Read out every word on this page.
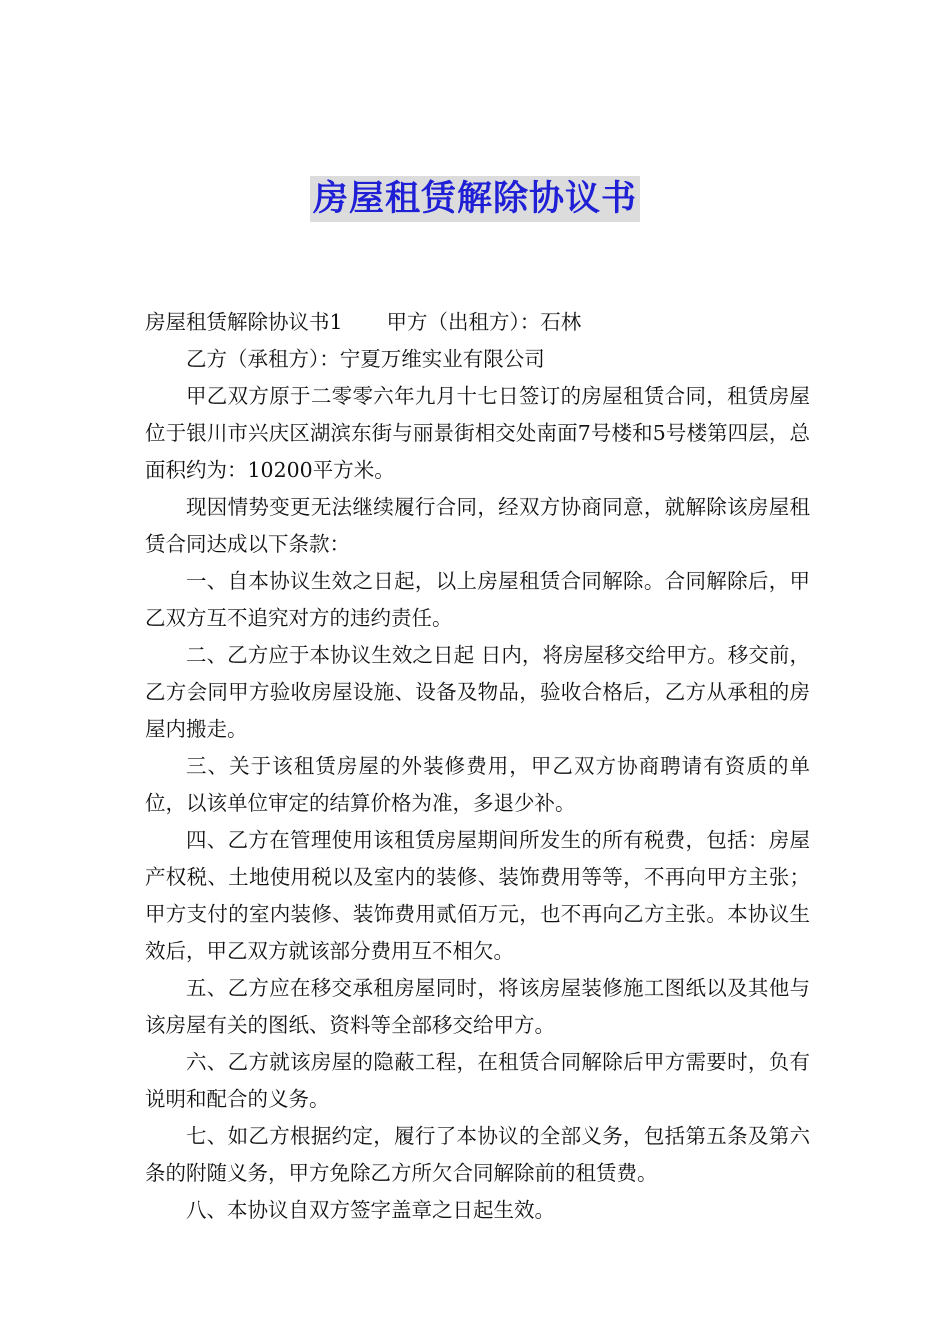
房屋租赁解除协议书

房屋租赁解除协议书1 甲方（出租方）：石林

乙方（承租方）：宁夏万维实业有限公司

甲乙双方原于二零零六年九月十七日签订的房屋租赁合同，租赁房屋位于银川市兴庆区湖滨东街与丽景街相交处南面7号楼和5号楼第四层，总面积约为：10200平方米。

现因情势变更无法继续履行合同，经双方协商同意，就解除该房屋租赁合同达成以下条款：

一、自本协议生效之日起，以上房屋租赁合同解除。合同解除后，甲乙双方互不追究对方的违约责任。

二、乙方应于本协议生效之日起 日内，将房屋移交给甲方。移交前，乙方会同甲方验收房屋设施、设备及物品，验收合格后，乙方从承租的房屋内搬走。

三、关于该租赁房屋的外装修费用，甲乙双方协商聘请有资质的单位，以该单位审定的结算价格为准，多退少补。

四、乙方在管理使用该租赁房屋期间所发生的所有税费，包括：房屋产权税、土地使用税以及室内的装修、装饰费用等等，不再向甲方主张；甲方支付的室内装修、装饰费用贰佰万元，也不再向乙方主张。本协议生效后，甲乙双方就该部分费用互不相欠。

五、乙方应在移交承租房屋同时，将该房屋装修施工图纸以及其他与该房屋有关的图纸、资料等全部移交给甲方。

六、乙方就该房屋的隐蔽工程，在租赁合同解除后甲方需要时，负有说明和配合的义务。

七、如乙方根据约定，履行了本协议的全部义务，包括第五条及第六条的附随义务，甲方免除乙方所欠合同解除前的租赁费。

八、本协议自双方签字盖章之日起生效。
